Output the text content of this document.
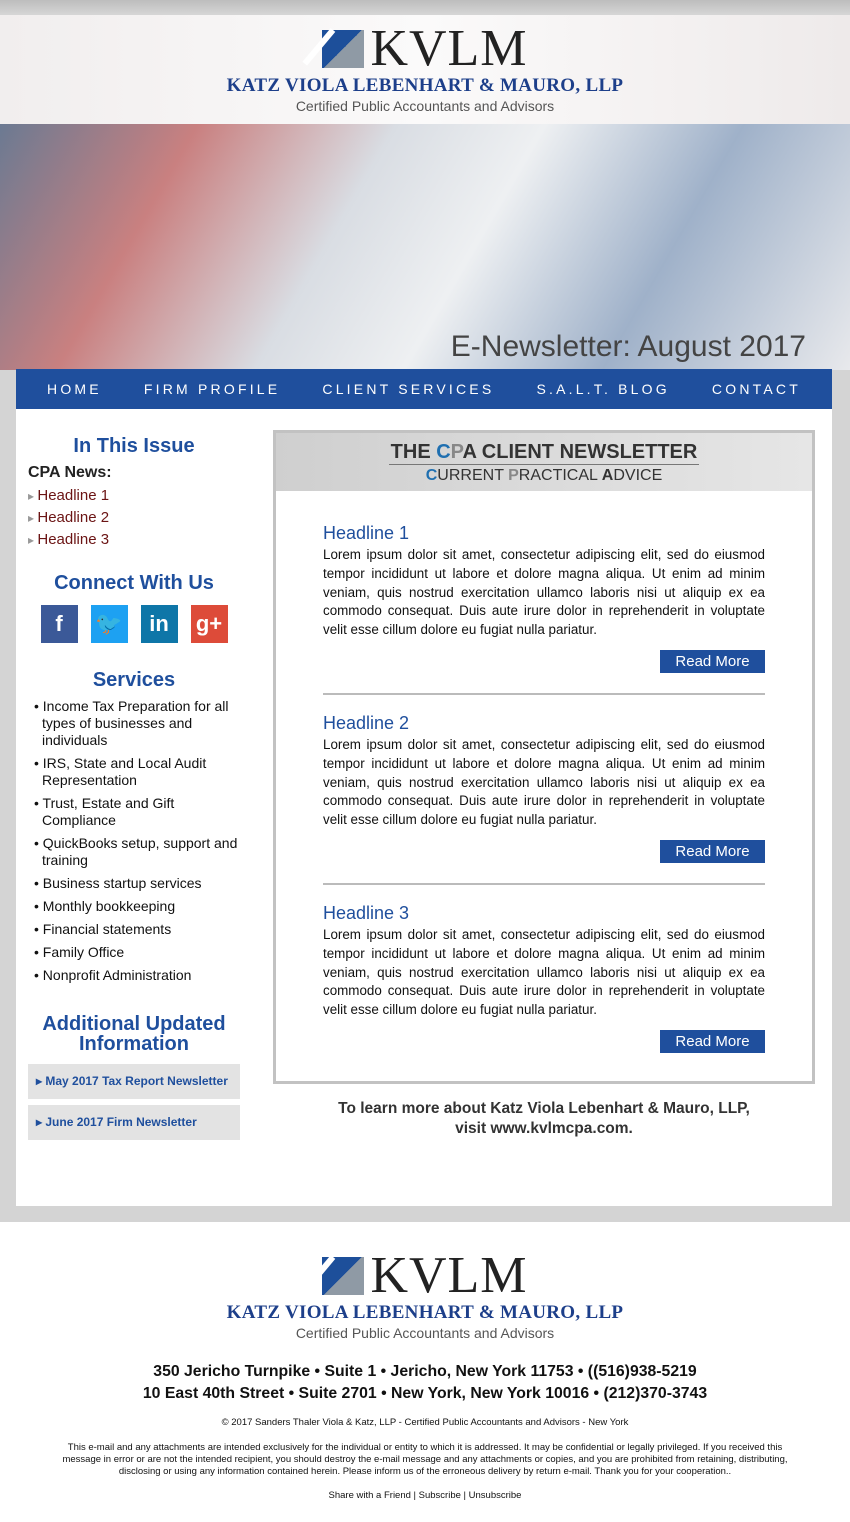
KVLM
KATZ VIOLA LEBENHART & MAURO, LLP
Certified Public Accountants and Advisors
E-Newsletter: August 2017
HOME	FIRM PROFILE	CLIENT SERVICES	S.A.L.T. BLOG	CONTACT
In This Issue
CPA News:
▸ Headline 1
▸ Headline 2
▸ Headline 3
Connect With Us
f	🐦	in	g+
Services
• Income Tax Preparation for all types of businesses and individuals
• IRS, State and Local Audit Representation
• Trust, Estate and Gift Compliance
• QuickBooks setup, support and training
• Business startup services
• Monthly bookkeeping
• Financial statements
• Family Office
• Nonprofit Administration
Additional Updated Information
▸ May 2017 Tax Report Newsletter
▸ June 2017 Firm Newsletter
THE CPA CLIENT NEWSLETTER
CURRENT PRACTICAL ADVICE
Headline 1

Lorem ipsum dolor sit amet, consectetur adipiscing elit, sed do eiusmod tempor incididunt ut labore et dolore magna aliqua. Ut enim ad minim veniam, quis nostrud exercitation ullamco laboris nisi ut aliquip ex ea commodo consequat. Duis aute irure dolor in reprehenderit in voluptate velit esse cillum dolore eu fugiat nulla pariatur.

Read More
Headline 2

Lorem ipsum dolor sit amet, consectetur adipiscing elit, sed do eiusmod tempor incididunt ut labore et dolore magna aliqua. Ut enim ad minim veniam, quis nostrud exercitation ullamco laboris nisi ut aliquip ex ea commodo consequat. Duis aute irure dolor in reprehenderit in voluptate velit esse cillum dolore eu fugiat nulla pariatur.

Read More
Headline 3

Lorem ipsum dolor sit amet, consectetur adipiscing elit, sed do eiusmod tempor incididunt ut labore et dolore magna aliqua. Ut enim ad minim veniam, quis nostrud exercitation ullamco laboris nisi ut aliquip ex ea commodo consequat. Duis aute irure dolor in reprehenderit in voluptate velit esse cillum dolore eu fugiat nulla pariatur.

Read More
To learn more about Katz Viola Lebenhart & Mauro, LLP,
visit www.kvlmcpa.com.
KVLM
KATZ VIOLA LEBENHART & MAURO, LLP
Certified Public Accountants and Advisors
350 Jericho Turnpike • Suite 1 • Jericho, New York 11753 • ((516)938-5219
10 East 40th Street • Suite 2701 • New York, New York 10016 • (212)370-3743
© 2017 Sanders Thaler Viola & Katz, LLP - Certified Public Accountants and Advisors - New York
This e-mail and any attachments are intended exclusively for the individual or entity to which it is addressed. It may be confidential or legally privileged. If you received this message in error or are not the intended recipient, you should destroy the e-mail message and any attachments or copies, and you are prohibited from retaining, distributing, disclosing or using any information contained herein. Please inform us of the erroneous delivery by return e-mail. Thank you for your cooperation..
Share with a Friend | Subscribe | Unsubscribe
